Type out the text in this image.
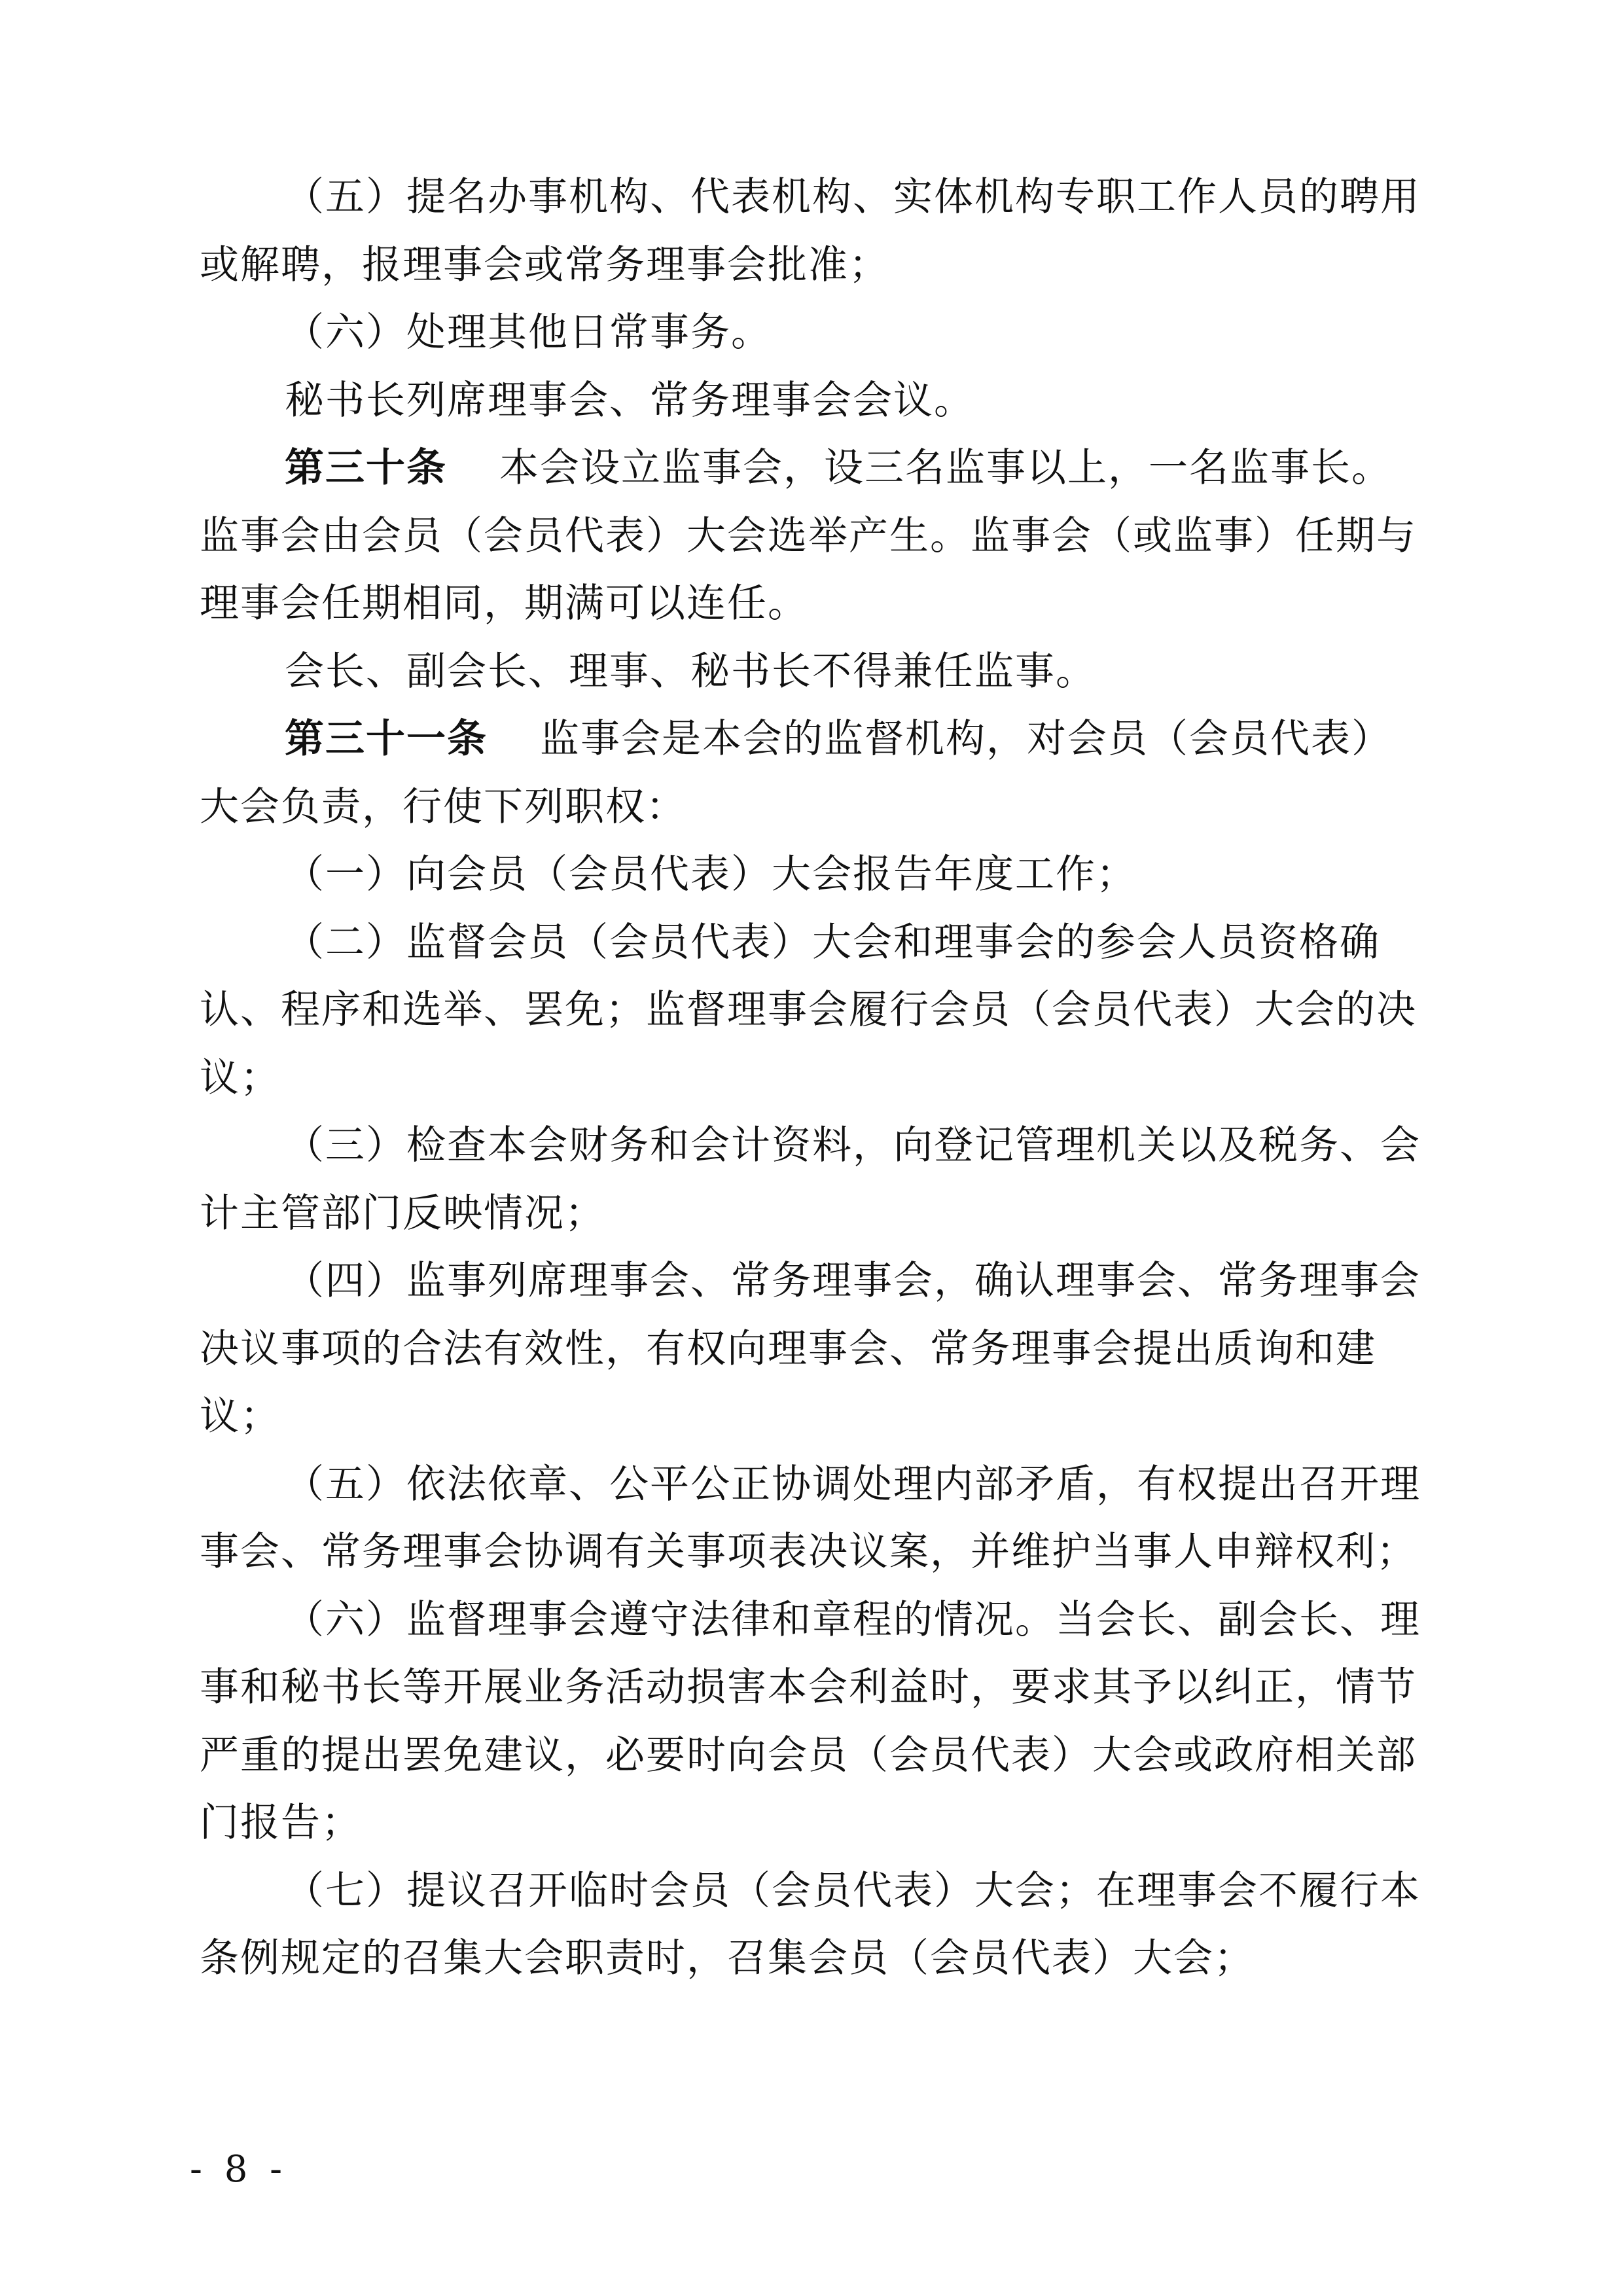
（五）提名办事机构、代表机构、实体机构专职工作人员的聘用或解聘，报理事会或常务理事会批准；

（六）处理其他日常事务。

秘书长列席理事会、常务理事会会议。

第三十条 本会设立监事会，设三名监事以上，一名监事长。监事会由会员（会员代表）大会选举产生。监事会（或监事）任期与理事会任期相同，期满可以连任。

会长、副会长、理事、秘书长不得兼任监事。

第三十一条 监事会是本会的监督机构，对会员（会员代表）大会负责，行使下列职权：

（一）向会员（会员代表）大会报告年度工作；

（二）监督会员（会员代表）大会和理事会的参会人员资格确认、程序和选举、罢免；监督理事会履行会员（会员代表）大会的决议；

（三）检查本会财务和会计资料，向登记管理机关以及税务、会计主管部门反映情况；

（四）监事列席理事会、常务理事会，确认理事会、常务理事会决议事项的合法有效性，有权向理事会、常务理事会提出质询和建议；

（五）依法依章、公平公正协调处理内部矛盾，有权提出召开理事会、常务理事会协调有关事项表决议案，并维护当事人申辩权利；

（六）监督理事会遵守法律和章程的情况。当会长、副会长、理事和秘书长等开展业务活动损害本会利益时，要求其予以纠正，情节严重的提出罢免建议，必要时向会员（会员代表）大会或政府相关部门报告；

（七）提议召开临时会员（会员代表）大会；在理事会不履行本条例规定的召集大会职责时，召集会员（会员代表）大会；

- 8 -
